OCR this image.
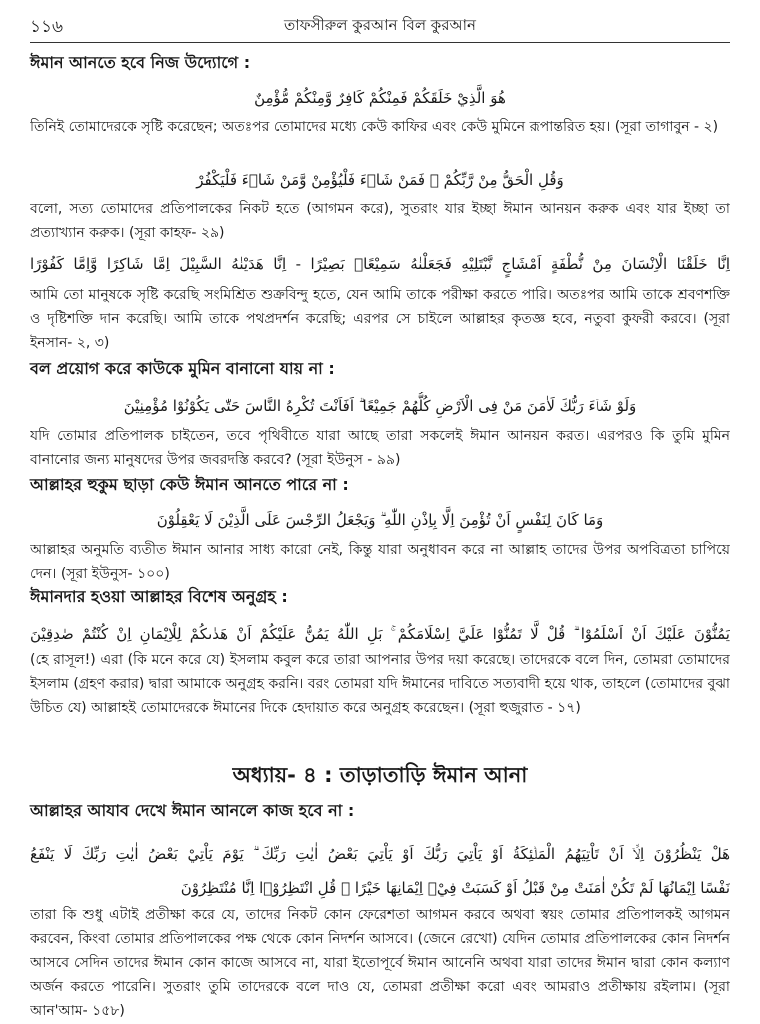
১১৬	তাফসীরুল কুরআন বিল কুরআন
ঈমান আনতে হবে নিজ উদ্যোগে :
هُوَ الَّذِيْ خَلَقَكُمْ فَمِنْكُمْ كَافِرٌ وَّمِنْكُمْ مُّؤْمِنٌ
তিনিই তোমাদেরকে সৃষ্টি করেছেন; অতঃপর তোমাদের মধ্যে কেউ কাফির এবং কেউ মুমিনে রূপান্তরিত হয়। (সূরা তাগাবুন - ২)
وَقُلِ الْحَقُّ مِنْ رَّبِّكُمْ ۗ فَمَنْ شَاۤءَ فَلْيُؤْمِنْ وَّمَنْ شَاۤءَ فَلْيَكْفُرْ
বলো, সত্য তোমাদের প্রতিপালকের নিকট হতে (আগমন করে), সুতরাং যার ইচ্ছা ঈমান আনয়ন করুক এবং যার ইচ্ছা তা প্রত্যাখ্যান করুক। (সূরা কাহফ- ২৯)
اِنَّا خَلَقْنَا الْاِنْسَانَ مِنْ نُّطْفَةٍ اَمْشَاجٍ نَّبْتَلِيْهِ فَجَعَلْنٰهُ سَمِيْعًاۢ بَصِيْرًا - اِنَّا هَدَيْنٰهُ السَّبِيْلَ اِمَّا شَاكِرًا وَّاِمَّا كَفُوْرًا
আমি তো মানুষকে সৃষ্টি করেছি সংমিশ্রিত শুক্রবিন্দু হতে, যেন আমি তাকে পরীক্ষা করতে পারি। অতঃপর আমি তাকে শ্রবণশক্তি ও দৃষ্টিশক্তি দান করেছি। আমি তাকে পথপ্রদর্শন করেছি; এরপর সে চাইলে আল্লাহর কৃতজ্ঞ হবে, নতুবা কুফরী করবে। (সূরা ইনসান- ২, ৩)
বল প্রয়োগ করে কাউকে মুমিন বানানো যায় না :
وَلَوْ شَاۤءَ رَبُّكَ لَاٰمَنَ مَنْ فِى الْاَرْضِ كُلُّهُمْ جَمِيْعًا ۗ اَفَاَنْتَ تُكْرِهُ النَّاسَ حَتّٰى يَكُوْنُوْا مُؤْمِنِيْنَ
যদি তোমার প্রতিপালক চাইতেন, তবে পৃথিবীতে যারা আছে তারা সকলেই ঈমান আনয়ন করত। এরপরও কি তুমি মুমিন বানানোর জন্য মানুষদের উপর জবরদস্তি করবে? (সূরা ইউনুস - ৯৯)
আল্লাহর হুকুম ছাড়া কেউ ঈমান আনতে পারে না :
وَمَا كَانَ لِنَفْسٍ اَنْ تُؤْمِنَ اِلَّا بِاِذْنِ اللّٰهِ ۗ وَيَجْعَلُ الرِّجْسَ عَلَى الَّذِيْنَ لَا يَعْقِلُوْنَ
আল্লাহর অনুমতি ব্যতীত ঈমান আনার সাধ্য কারো নেই, কিন্তু যারা অনুধাবন করে না আল্লাহ তাদের উপর অপবিত্রতা চাপিয়ে দেন। (সূরা ইউনুস- ১০০)
ঈমানদার হওয়া আল্লাহর বিশেষ অনুগ্রহ :
يَمُنُّوْنَ عَلَيْكَ اَنْ اَسْلَمُوْا ۗ قُلْ لَّا تَمُنُّوْا عَلَيَّ اِسْلَامَكُمْ ۚ بَلِ اللّٰهُ يَمُنُّ عَلَيْكُمْ اَنْ هَدٰىكُمْ لِلْاِيْمَانِ اِنْ كُنْتُمْ صٰدِقِيْنَ
(হে রাসূল!) এরা (কি মনে করে যে) ইসলাম কবুল করে তারা আপনার উপর দয়া করেছে। তাদেরকে বলে দিন, তোমরা তোমাদের ইসলাম (গ্রহণ করার) দ্বারা আমাকে অনুগ্রহ করনি। বরং তোমরা যদি ঈমানের দাবিতে সত্যবাদী হয়ে থাক, তাহলে (তোমাদের বুঝা উচিত যে) আল্লাহই তোমাদেরকে ঈমানের দিকে হেদায়াত করে অনুগ্রহ করেছেন। (সূরা হুজুরাত - ১৭)
অধ্যায়- ৪ : তাড়াতাড়ি ঈমান আনা
আল্লাহর আযাব দেখে ঈমান আনলে কাজ হবে না :
هَلْ يَنْظُرُوْنَ اِلَّاۤ اَنْ تَاْتِيَهُمُ الْمَلٰۤئِكَةُ اَوْ يَاْتِيَ رَبُّكَ اَوْ يَاْتِيَ بَعْضُ اٰيٰتِ رَبِّكَ ۗ يَوْمَ يَاْتِيْ بَعْضُ اٰيٰتِ رَبِّكَ لَا يَنْفَعُ
نَفْسًا اِيْمَانُهَا لَمْ تَكُنْ اٰمَنَتْ مِنْ قَبْلُ اَوْ كَسَبَتْ فِيْۤ اِيْمَانِهَا خَيْرًا ۗ قُلِ انْتَظِرُوْۤا اِنَّا مُنْتَظِرُوْنَ
তারা কি শুধু এটাই প্রতীক্ষা করে যে, তাদের নিকট কোন ফেরেশতা আগমন করবে অথবা স্বয়ং তোমার প্রতিপালকই আগমন করবেন, কিংবা তোমার প্রতিপালকের পক্ষ থেকে কোন নিদর্শন আসবে। (জেনে রেখো) যেদিন তোমার প্রতিপালকের কোন নিদর্শন আসবে সেদিন তাদের ঈমান কোন কাজে আসবে না, যারা ইতোপূর্বে ঈমান আনেনি অথবা যারা তাদের ঈমান দ্বারা কোন কল্যাণ অর্জন করতে পারেনি। সুতরাং তুমি তাদেরকে বলে দাও যে, তোমরা প্রতীক্ষা করো এবং আমরাও প্রতীক্ষায় রইলাম। (সূরা আন'আম- ১৫৮)
